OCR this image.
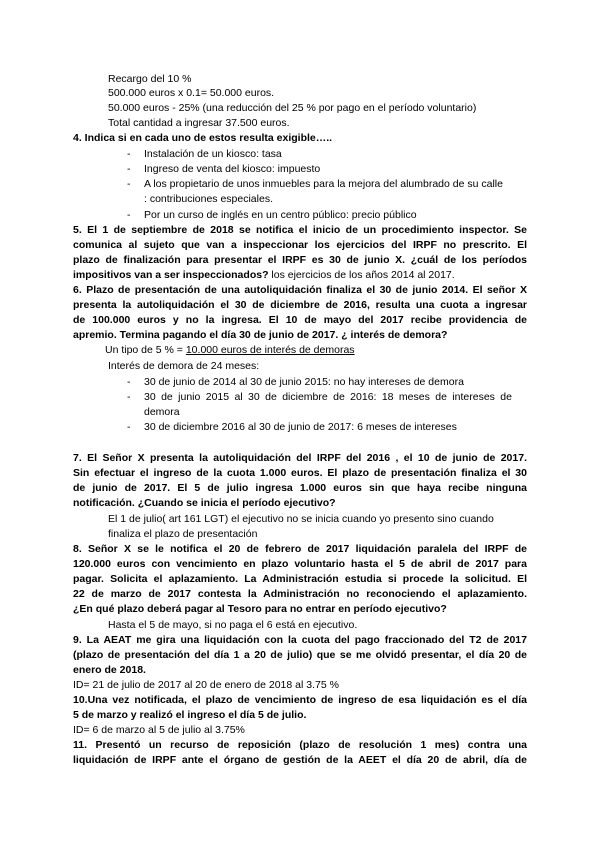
Recargo del 10 %
500.000 euros x 0.1= 50.000 euros.
50.000 euros - 25% (una reducción del 25 % por pago en el período voluntario)
Total cantidad a ingresar 37.500 euros.
4. Indica si en cada uno de estos resulta exigible…..
- Instalación de un kiosco: tasa
- Ingreso de venta del kiosco: impuesto
- A los propietario de unos inmuebles para la mejora del alumbrado de su calle
: contribuciones especiales.
- Por un curso de inglés en un centro público: precio público
5. El 1 de septiembre de 2018 se notifica el inicio de un procedimiento inspector. Se
comunica al sujeto que van a inspeccionar los ejercicios del IRPF no prescrito. El
plazo de finalización para presentar el IRPF es 30 de junio X. ¿cuál de los períodos
impositivos van a ser inspeccionados? los ejercicios de los años 2014 al 2017.
6. Plazo de presentación de una autoliquidación finaliza el 30 de junio 2014. El señor X
presenta la autoliquidación el 30 de diciembre de 2016, resulta una cuota a ingresar
de 100.000 euros y no la ingresa. El 10 de mayo del 2017 recibe providencia de
apremio. Termina pagando el día 30 de junio de 2017. ¿ interés de demora?
Un tipo de 5 % = 10.000 euros de interés de demoras
Interés de demora de 24 meses:
- 30 de junio de 2014 al 30 de junio 2015: no hay intereses de demora
- 30 de junio 2015 al 30 de diciembre de 2016: 18 meses de intereses de
demora
- 30 de diciembre 2016 al 30 de junio de 2017: 6 meses de intereses
7. El Señor X presenta la autoliquidación del IRPF del 2016 , el 10 de junio de 2017.
Sin efectuar el ingreso de la cuota 1.000 euros. El plazo de presentación finaliza el 30
de junio de 2017. El 5 de julio ingresa 1.000 euros sin que haya recibe ninguna
notificación. ¿Cuando se inicia el período ejecutivo?
El 1 de julio( art 161 LGT) el ejecutivo no se inicia cuando yo presento sino cuando
finaliza el plazo de presentación
8. Señor X se le notifica el 20 de febrero de 2017 liquidación paralela del IRPF de
120.000 euros con vencimiento en plazo voluntario hasta el 5 de abril de 2017 para
pagar. Solicita el aplazamiento. La Administración estudia si procede la solicitud. El
22 de marzo de 2017 contesta la Administración no reconociendo el aplazamiento.
¿En qué plazo deberá pagar al Tesoro para no entrar en período ejecutivo?
Hasta el 5 de mayo, si no paga el 6 está en ejecutivo.
9. La AEAT me gira una liquidación con la cuota del pago fraccionado del T2 de 2017
(plazo de presentación del día 1 a 20 de julio) que se me olvidó presentar, el día 20 de
enero de 2018.
ID= 21 de julio de 2017 al 20 de enero de 2018 al 3.75 %
10.Una vez notificada, el plazo de vencimiento de ingreso de esa liquidación es el día
5 de marzo y realizó el ingreso el día 5 de julio.
ID= 6 de marzo al 5 de julio al 3.75%
11. Presentó un recurso de reposición (plazo de resolución 1 mes) contra una
liquidación de IRPF ante el órgano de gestión de la AEET el día 20 de abril, día de
